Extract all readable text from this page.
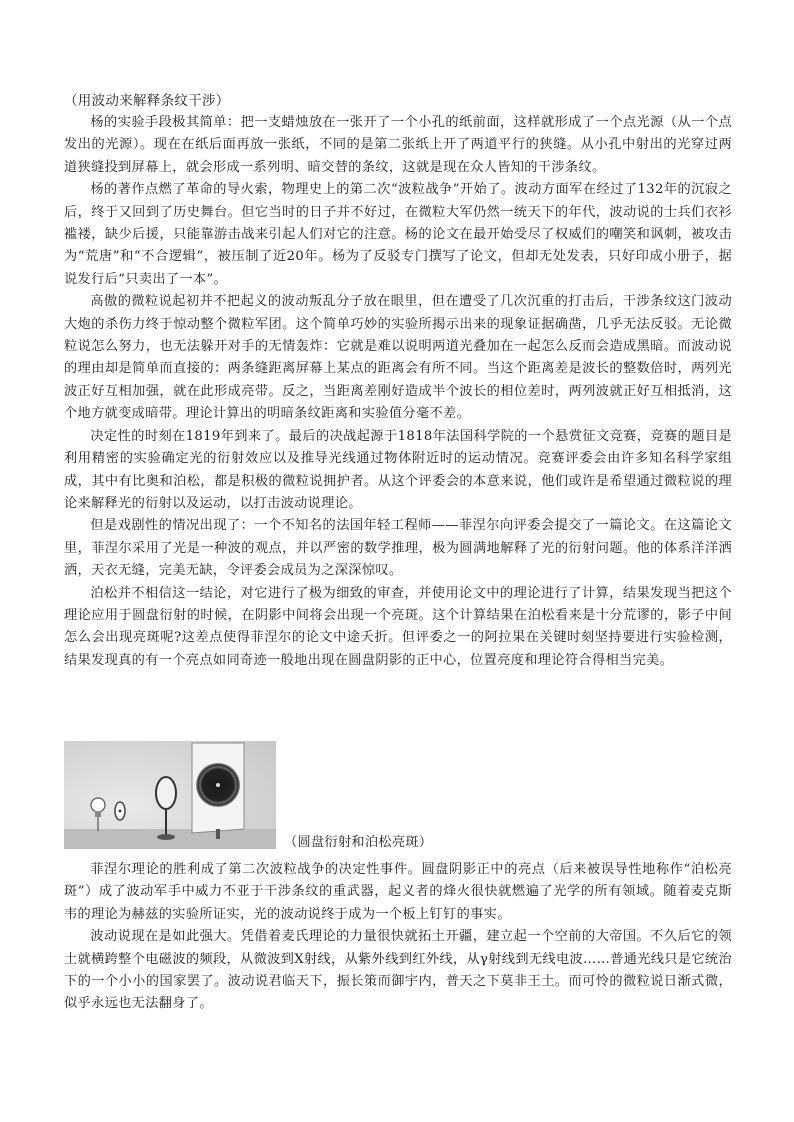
（用波动来解释条纹干涉）

杨的实验手段极其简单：把一支蜡烛放在一张开了一个小孔的纸前面，这样就形成了一个点光源（从一个点发出的光源）。现在在纸后面再放一张纸，不同的是第二张纸上开了两道平行的狭缝。从小孔中射出的光穿过两道狭缝投到屏幕上，就会形成一系列明、暗交替的条纹，这就是现在众人皆知的干涉条纹。

杨的著作点燃了革命的导火索，物理史上的第二次“波粒战争”开始了。波动方面军在经过了132年的沉寂之后，终于又回到了历史舞台。但它当时的日子并不好过，在微粒大军仍然一统天下的年代，波动说的士兵们衣衫褴褛，缺少后援，只能靠游击战来引起人们对它的注意。杨的论文在最开始受尽了权威们的嘲笑和讽刺，被攻击为“荒唐”和“不合逻辑”，被压制了近20年。杨为了反驳专门撰写了论文，但却无处发表，只好印成小册子，据说发行后“只卖出了一本”。

高傲的微粒说起初并不把起义的波动叛乱分子放在眼里，但在遭受了几次沉重的打击后，干涉条纹这门波动大炮的杀伤力终于惊动整个微粒军团。这个简单巧妙的实验所揭示出来的现象证据确凿，几乎无法反驳。无论微粒说怎么努力，也无法躲开对手的无情轰炸：它就是难以说明两道光叠加在一起怎么反而会造成黑暗。而波动说的理由却是简单而直接的：两条缝距离屏幕上某点的距离会有所不同。当这个距离差是波长的整数倍时，两列光波正好互相加强，就在此形成亮带。反之，当距离差刚好造成半个波长的相位差时，两列波就正好互相抵消，这个地方就变成暗带。理论计算出的明暗条纹距离和实验值分毫不差。

决定性的时刻在1819年到来了。最后的决战起源于1818年法国科学院的一个悬赏征文竞赛，竞赛的题目是利用精密的实验确定光的衍射效应以及推导光线通过物体附近时的运动情况。竞赛评委会由许多知名科学家组成，其中有比奥和泊松，都是积极的微粒说拥护者。从这个评委会的本意来说，他们或许是希望通过微粒说的理论来解释光的衍射以及运动，以打击波动说理论。

但是戏剧性的情况出现了：一个不知名的法国年轻工程师——菲涅尔向评委会提交了一篇论文。在这篇论文里，菲涅尔采用了光是一种波的观点，并以严密的数学推理，极为圆满地解释了光的衍射问题。他的体系洋洋洒洒，天衣无缝，完美无缺，令评委会成员为之深深惊叹。

泊松并不相信这一结论，对它进行了极为细致的审查，并使用论文中的理论进行了计算，结果发现当把这个理论应用于圆盘衍射的时候，在阴影中间将会出现一个亮斑。这个计算结果在泊松看来是十分荒谬的，影子中间怎么会出现亮斑呢?这差点使得菲涅尔的论文中途夭折。但评委之一的阿拉果在关键时刻坚持要进行实验检测，结果发现真的有一个亮点如同奇迹一般地出现在圆盘阴影的正中心，位置亮度和理论符合得相当完美。

（圆盘衍射和泊松亮斑）

菲涅尔理论的胜利成了第二次波粒战争的决定性事件。圆盘阴影正中的亮点（后来被误导性地称作“泊松亮斑”）成了波动军手中威力不亚于干涉条纹的重武器，起义者的烽火很快就燃遍了光学的所有领域。随着麦克斯韦的理论为赫兹的实验所证实，光的波动说终于成为一个板上钉钉的事实。

波动说现在是如此强大。凭借着麦氏理论的力量很快就拓土开疆，建立起一个空前的大帝国。不久后它的领土就横跨整个电磁波的频段，从微波到X射线，从紫外线到红外线，从γ射线到无线电波……普通光线只是它统治下的一个小小的国家罢了。波动说君临天下，振长策而御宇内，普天之下莫非王土。而可怜的微粒说日渐式微，似乎永远也无法翻身了。
